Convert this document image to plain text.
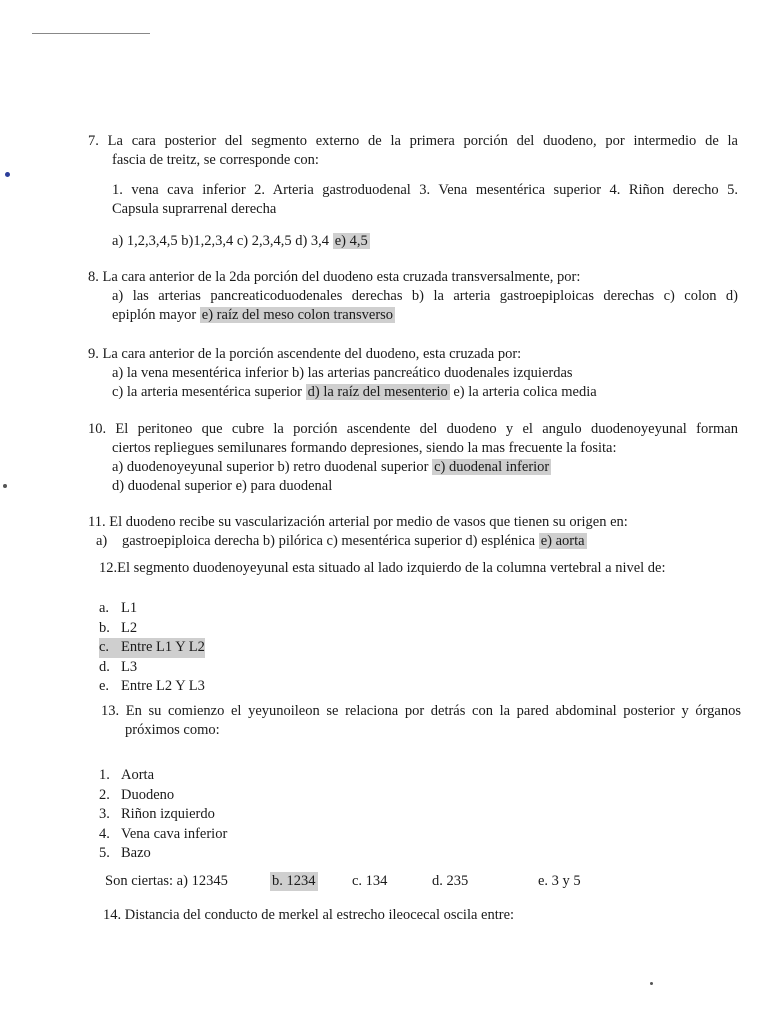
7. La cara posterior del segmento externo de la primera porción del duodeno, por intermedio de la
fascia de treitz, se corresponde con:
1. vena cava inferior 2. Arteria gastroduodenal 3. Vena mesentérica superior 4. Riñon derecho 5.
Capsula suprarrenal derecha
a) 1,2,3,4,5 b)1,2,3,4 c) 2,3,4,5 d) 3,4 e) 4,5
8. La cara anterior de la 2da porción del duodeno esta cruzada transversalmente, por:
a) las arterias pancreaticoduodenales derechas b) la arteria gastroepiploicas derechas c) colon d)
epiplón mayor e) raíz del meso colon transverso
9. La cara anterior de la porción ascendente del duodeno, esta cruzada por:
a) la vena mesentérica inferior b) las arterias pancreático duodenales izquierdas
c) la arteria mesentérica superior d) la raíz del mesenterio e) la arteria colica media
10. El peritoneo que cubre la porción ascendente del duodeno y el angulo duodenoyeyunal forman
ciertos repliegues semilunares formando depresiones, siendo la mas frecuente la fosita:
a) duodenoyeyunal superior b) retro duodenal superior c) duodenal inferior
d) duodenal superior e) para duodenal
11. El duodeno recibe su vascularización arterial por medio de vasos que tienen su origen en:
a) gastroepiploica derecha b) pilórica c) mesentérica superior d) esplénica e) aorta
12.El segmento duodenoyeyunal esta situado al lado izquierdo de la columna vertebral a nivel de:
a. L1
b. L2
c. Entre L1 Y L2
d. L3
e. Entre L2 Y L3
13. En su comienzo el yeyunoileon se relaciona por detrás con la pared abdominal posterior y órganos
próximos como:
1. Aorta
2. Duodeno
3. Riñon izquierdo
4. Vena cava inferior
5. Bazo
Son ciertas: a) 12345	b. 1234	c. 134	d. 235	e. 3 y 5
14. Distancia del conducto de merkel al estrecho ileocecal oscila entre:
